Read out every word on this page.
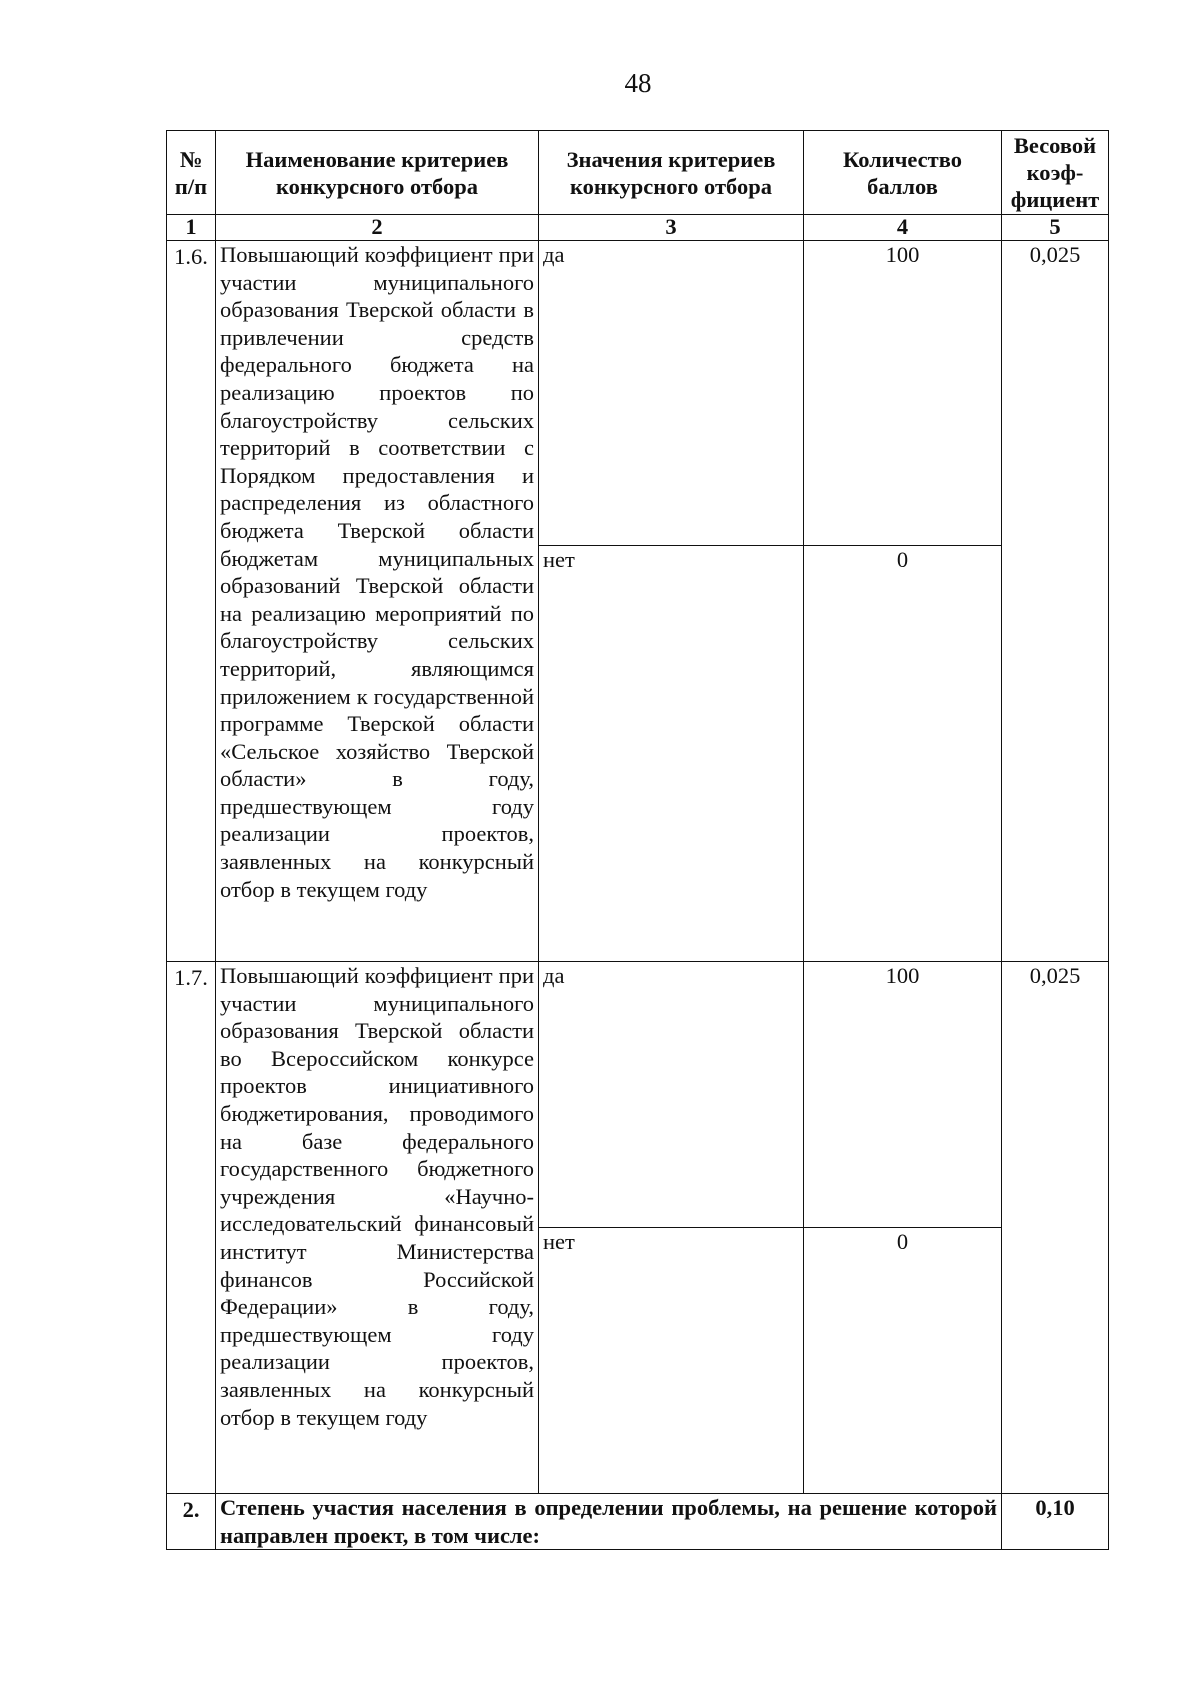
48
№ п/п	Наименование критериев конкурсного отбора	Значения критериев конкурсного отбора	Количество баллов	Весовой коэф-фициент
1	2	3	4	5
1.6.	Повышающий коэффициент при участии муниципального образования Тверской области в привлечении средств федерального бюджета на реализацию проектов по благоустройству сельских территорий в соответствии с Порядком предоставления и распределения из областного бюджета Тверской области бюджетам муниципальных образований Тверской области на реализацию мероприятий по благоустройству сельских территорий, являющимся приложением к государственной программе Тверской области «Сельское хозяйство Тверской области» в году, предшествующем году реализации проектов, заявленных на конкурсный отбор в текущем году	да	100	0,025
		нет	0	
1.7.	Повышающий коэффициент при участии муниципального образования Тверской области во Всероссийском конкурсе проектов инициативного бюджетирования, проводимого на базе федерального государственного бюджетного учреждения «Научно-исследовательский финансовый институт Министерства финансов Российской Федерации» в году, предшествующем году реализации проектов, заявленных на конкурсный отбор в текущем году	да	100	0,025
		нет	0	
2.	Степень участия населения в определении проблемы, на решение которой направлен проект, в том числе:			0,10
